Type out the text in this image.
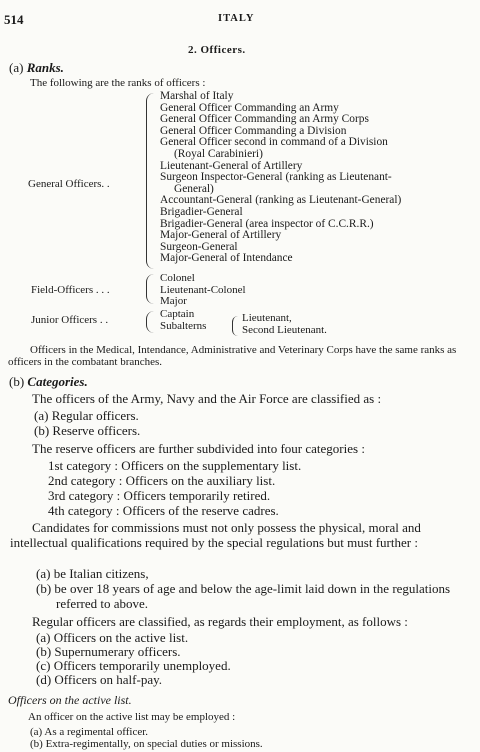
514	ITALY
2. Officers.
(a) Ranks.
The following are the ranks of officers :
General Officers. .
Marshal of Italy
General Officer Commanding an Army
General Officer Commanding an Army Corps
General Officer Commanding a Division
General Officer second in command of a Division
(Royal Carabinieri)
Lieutenant-General of Artillery
Surgeon Inspector-General (ranking as Lieutenant-
General)
Accountant-General (ranking as Lieutenant-General)
Brigadier-General
Brigadier-General (area inspector of C.C.R.R.)
Major-General of Artillery
Surgeon-General
Major-General of Intendance
Field-Officers . . .
Colonel
Lieutenant-Colonel
Major
Junior Officers . .	Captain
Subalterns
Lieutenant,
Second Lieutenant.
Officers in the Medical, Intendance, Administrative and Veterinary Corps have the same ranks as officers in the combatant branches.
(b) Categories.
The officers of the Army, Navy and the Air Force are classified as :
(a) Regular officers.
(b) Reserve officers.
The reserve officers are further subdivided into four categories :
1st category : Officers on the supplementary list.
2nd category : Officers on the auxiliary list.
3rd category : Officers temporarily retired.
4th category : Officers of the reserve cadres.
Candidates for commissions must not only possess the physical, moral and intellectual qualifications required by the special regulations but must further :
(a) be Italian citizens,
(b) be over 18 years of age and below the age-limit laid down in the regulations referred to above.
Regular officers are classified, as regards their employment, as follows :
(a) Officers on the active list.
(b) Supernumerary officers.
(c) Officers temporarily unemployed.
(d) Officers on half-pay.
Officers on the active list.
An officer on the active list may be employed :
(a) As a regimental officer.
(b) Extra-regimentally, on special duties or missions.
